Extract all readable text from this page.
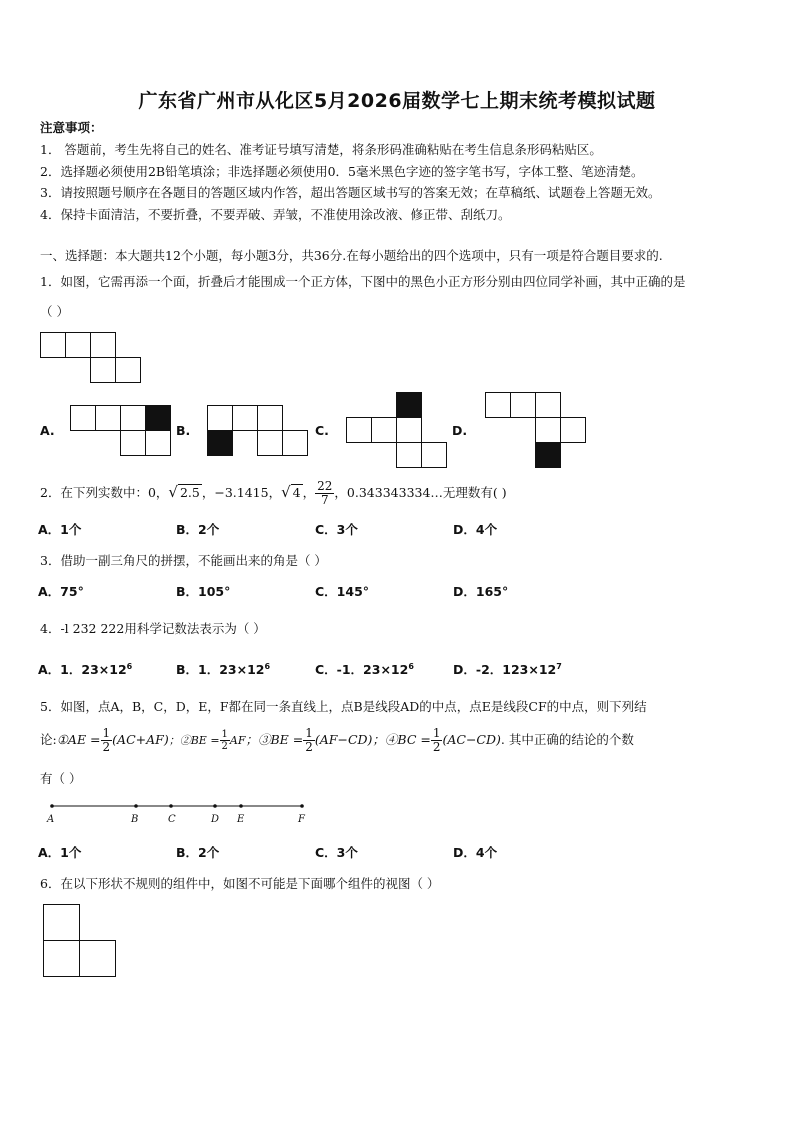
广东省广州市从化区5月2026届数学七上期末统考模拟试题
注意事项：
1． 答题前，考生先将自己的姓名、准考证号填写清楚，将条形码准确粘贴在考生信息条形码粘贴区。
2．选择题必须使用2B铅笔填涂；非选择题必须使用0．5毫米黑色字迹的签字笔书写，字体工整、笔迹清楚。
3．请按照题号顺序在各题目的答题区域内作答，超出答题区域书写的答案无效；在草稿纸、试题卷上答题无效。
4．保持卡面清洁，不要折叠，不要弄破、弄皱，不准使用涂改液、修正带、刮纸刀。
一、选择题：本大题共12个小题，每小题3分，共36分.在每小题给出的四个选项中，只有一项是符合题目要求的.
1．如图，它需再添一个面，折叠后才能围成一个正方体，下图中的黑色小正方形分别由四位同学补画，其中正确的是
（ ）
A.	B.	C.	D.
2．在下列实数中：0，√ 2.5 ，−3.1415，√ 4 ， $\frac{22}{7}$ ，0.343343334…无理数有( )
A．1个	B．2个	C．3个	D．4个
3．借助一副三角尺的拼摆，不能画出来的角是（ ）
A．75°	B．105°	C．145°	D．165°
4．-l 232 222用科学记数法表示为（ ）
A．1．$23\times 12^6$	B．1．$23\times 12^6$	C．-1．$23\times 12^6$	D．-2．$123\times 12^7$
5．如图，点A，B，C，D，E，F都在同一条直线上，点B是线段AD的中点，点E是线段CF的中点，则下列结
论:①AE = $\frac{1}{2} (AC+AF)$；②BE = $\frac{1}{2}$ AF；③BE = $\frac{1}{2} (AF-CD)$；④BC = $\frac{1}{2} (AC-CD)$. 其中正确的结论的个数
有（ ）
A	B	C	D E	F
A．1个	B．2个	C．3个	D．4个
6．在以下形状不规则的组件中，如图不可能是下面哪个组件的视图（ ）
